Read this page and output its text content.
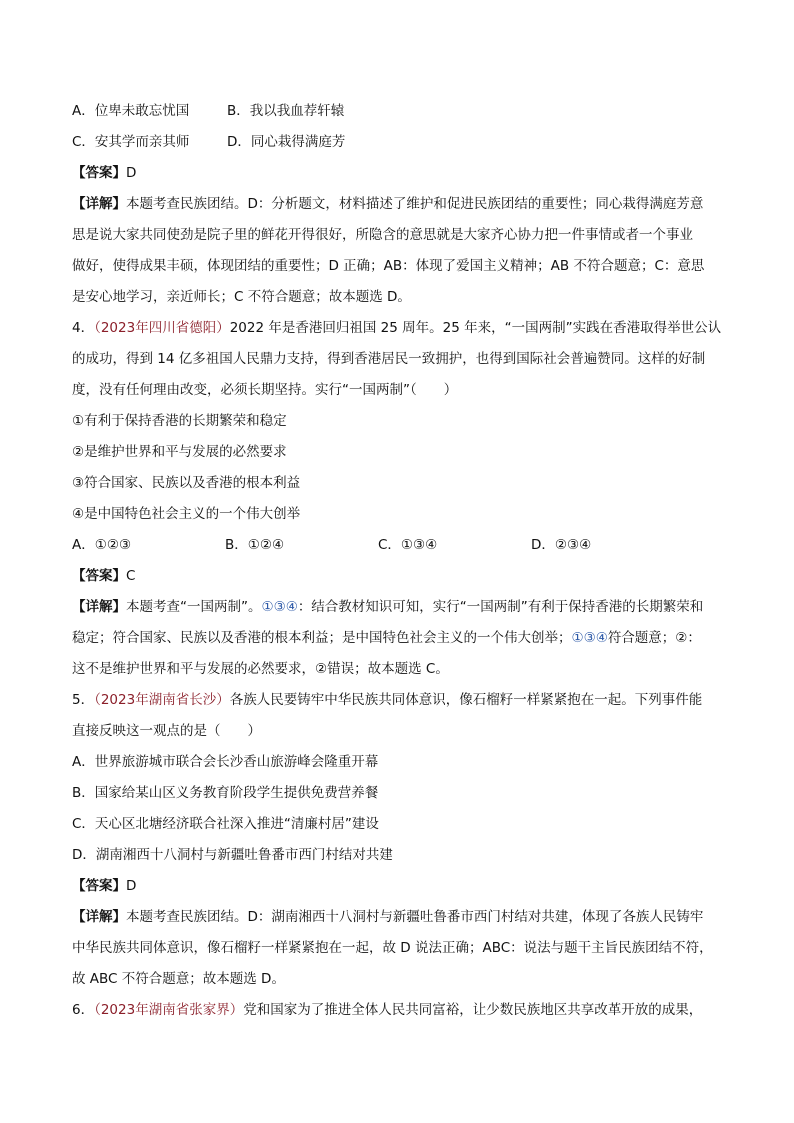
A．位卑未敢忘忧国	B．我以我血荐轩辕
C．安其学而亲其师	D．同心栽得满庭芳
【答案】D
【详解】本题考查民族团结。D：分析题文，材料描述了维护和促进民族团结的重要性；同心栽得满庭芳意
思是说大家共同使劲是院子里的鲜花开得很好，所隐含的意思就是大家齐心协力把一件事情或者一个事业
做好，使得成果丰硕，体现团结的重要性；D 正确；AB：体现了爱国主义精神；AB 不符合题意；C：意思
是安心地学习，亲近师长；C 不符合题意；故本题选 D。
4．（2023年四川省德阳）2022 年是香港回归祖国 25 周年。25 年来，“一国两制”实践在香港取得举世公认
的成功，得到 14 亿多祖国人民鼎力支持，得到香港居民一致拥护，也得到国际社会普遍赞同。这样的好制
度，没有任何理由改变，必须长期坚持。实行“一国两制”（　　）
①有利于保持香港的长期繁荣和稳定
②是维护世界和平与发展的必然要求
③符合国家、民族以及香港的根本利益
④是中国特色社会主义的一个伟大创举
A．①②③	B．①②④	C．①③④	D．②③④
【答案】C
【详解】本题考查“一国两制”。①③④：结合教材知识可知，实行“一国两制”有利于保持香港的长期繁荣和
稳定；符合国家、民族以及香港的根本利益；是中国特色社会主义的一个伟大创举；①③④符合题意；②：
这不是维护世界和平与发展的必然要求，②错误；故本题选 C。
5．（2023年湖南省长沙）各族人民要铸牢中华民族共同体意识，像石榴籽一样紧紧抱在一起。下列事件能
直接反映这一观点的是（　　）
A．世界旅游城市联合会长沙香山旅游峰会隆重开幕
B．国家给某山区义务教育阶段学生提供免费营养餐
C．天心区北塘经济联合社深入推进“清廉村居”建设
D．湖南湘西十八洞村与新疆吐鲁番市西门村结对共建
【答案】D
【详解】本题考查民族团结。D：湖南湘西十八洞村与新疆吐鲁番市西门村结对共建，体现了各族人民铸牢
中华民族共同体意识，像石榴籽一样紧紧抱在一起，故 D 说法正确；ABC：说法与题干主旨民族团结不符，
故 ABC 不符合题意；故本题选 D。
6．（2023年湖南省张家界）党和国家为了推进全体人民共同富裕，让少数民族地区共享改革开放的成果，
